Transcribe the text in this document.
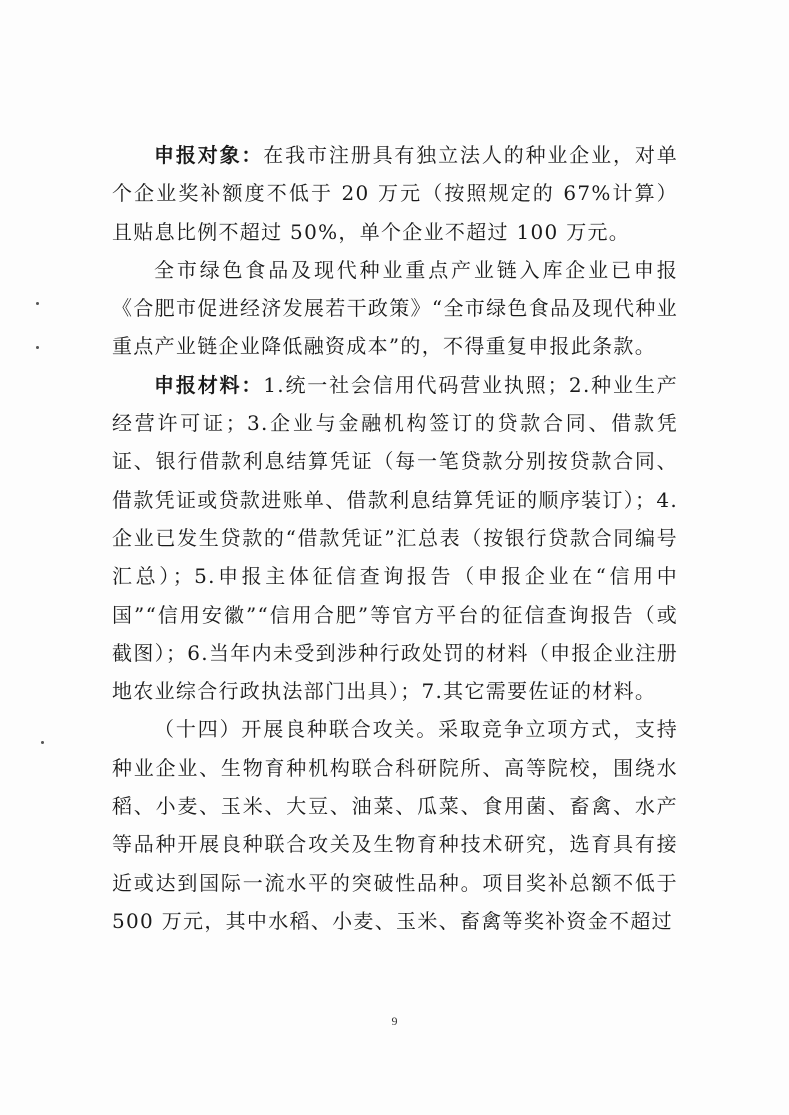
申报对象：在我市注册具有独立法人的种业企业，对单个企业奖补额度不低于 20 万元（按照规定的 67%计算）且贴息比例不超过 50%，单个企业不超过 100 万元。

全市绿色食品及现代种业重点产业链入库企业已申报《合肥市促进经济发展若干政策》“全市绿色食品及现代种业重点产业链企业降低融资成本”的，不得重复申报此条款。

申报材料：1.统一社会信用代码营业执照；2.种业生产经营许可证；3.企业与金融机构签订的贷款合同、借款凭证、银行借款利息结算凭证（每一笔贷款分别按贷款合同、借款凭证或贷款进账单、借款利息结算凭证的顺序装订）；4.企业已发生贷款的“借款凭证”汇总表（按银行贷款合同编号汇总）；5.申报主体征信查询报告（申报企业在“信用中国”“信用安徽”“信用合肥”等官方平台的征信查询报告（或截图）；6.当年内未受到涉种行政处罚的材料（申报企业注册地农业综合行政执法部门出具）；7.其它需要佐证的材料。

（十四）开展良种联合攻关。采取竞争立项方式，支持种业企业、生物育种机构联合科研院所、高等院校，围绕水稻、小麦、玉米、大豆、油菜、瓜菜、食用菌、畜禽、水产等品种开展良种联合攻关及生物育种技术研究，选育具有接近或达到国际一流水平的突破性品种。项目奖补总额不低于 500 万元，其中水稻、小麦、玉米、畜禽等奖补资金不超过

9
